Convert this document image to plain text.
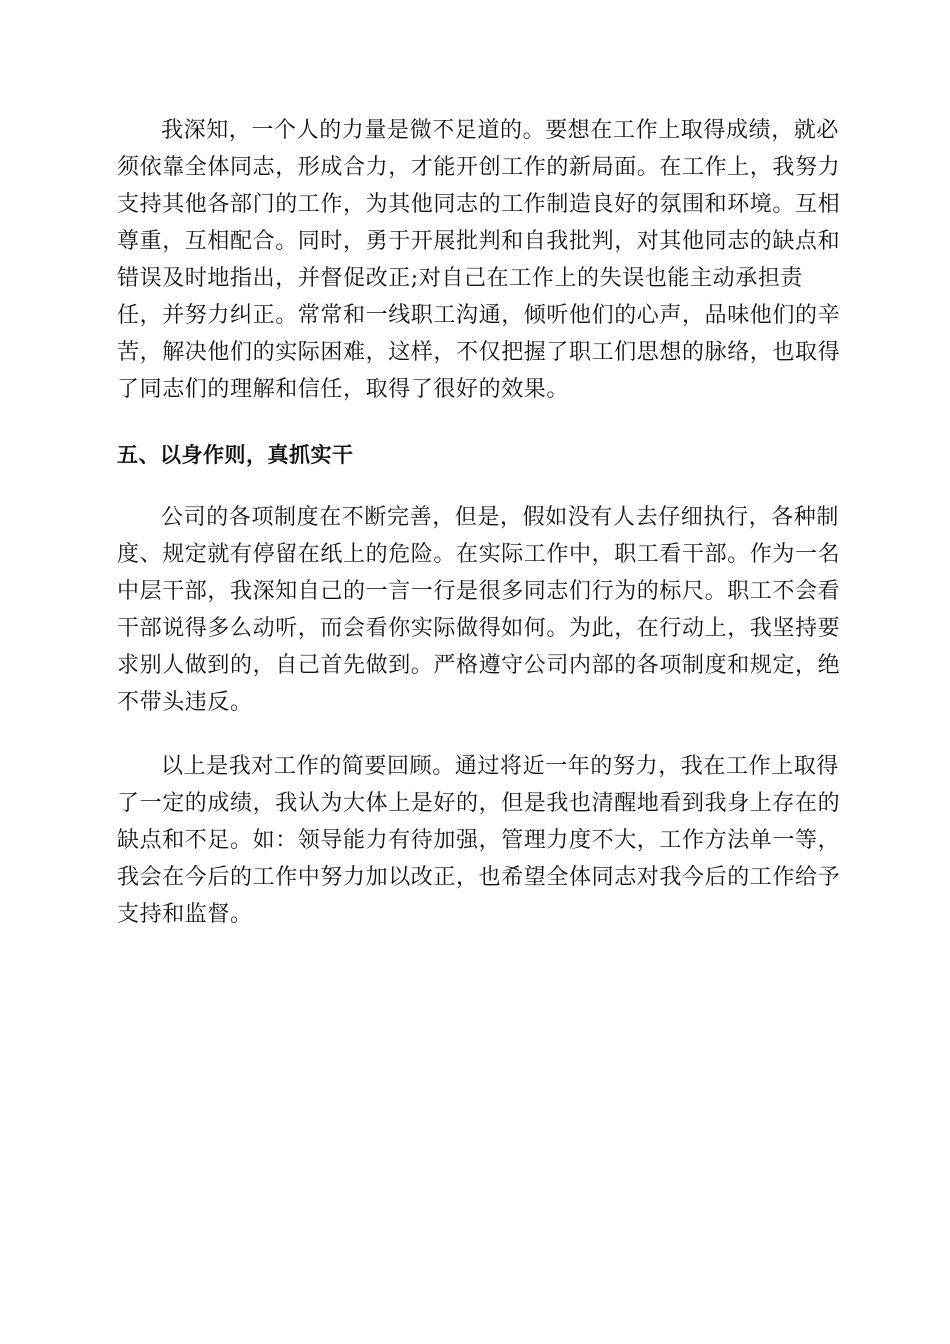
我深知，一个人的力量是微不足道的。要想在工作上取得成绩，就必
须依靠全体同志，形成合力，才能开创工作的新局面。在工作上，我努力
支持其他各部门的工作，为其他同志的工作制造良好的氛围和环境。互相
尊重，互相配合。同时，勇于开展批判和自我批判，对其他同志的缺点和
错误及时地指出，并督促改正;对自己在工作上的失误也能主动承担责
任，并努力纠正。常常和一线职工沟通，倾听他们的心声，品味他们的辛
苦，解决他们的实际困难，这样，不仅把握了职工们思想的脉络，也取得
了同志们的理解和信任，取得了很好的效果。

五、以身作则，真抓实干

公司的各项制度在不断完善，但是，假如没有人去仔细执行，各种制
度、规定就有停留在纸上的危险。在实际工作中，职工看干部。作为一名
中层干部，我深知自己的一言一行是很多同志们行为的标尺。职工不会看
干部说得多么动听，而会看你实际做得如何。为此，在行动上，我坚持要
求别人做到的，自己首先做到。严格遵守公司内部的各项制度和规定，绝
不带头违反。

以上是我对工作的简要回顾。通过将近一年的努力，我在工作上取得
了一定的成绩，我认为大体上是好的，但是我也清醒地看到我身上存在的
缺点和不足。如：领导能力有待加强，管理力度不大，工作方法单一等，
我会在今后的工作中努力加以改正，也希望全体同志对我今后的工作给予
支持和监督。
